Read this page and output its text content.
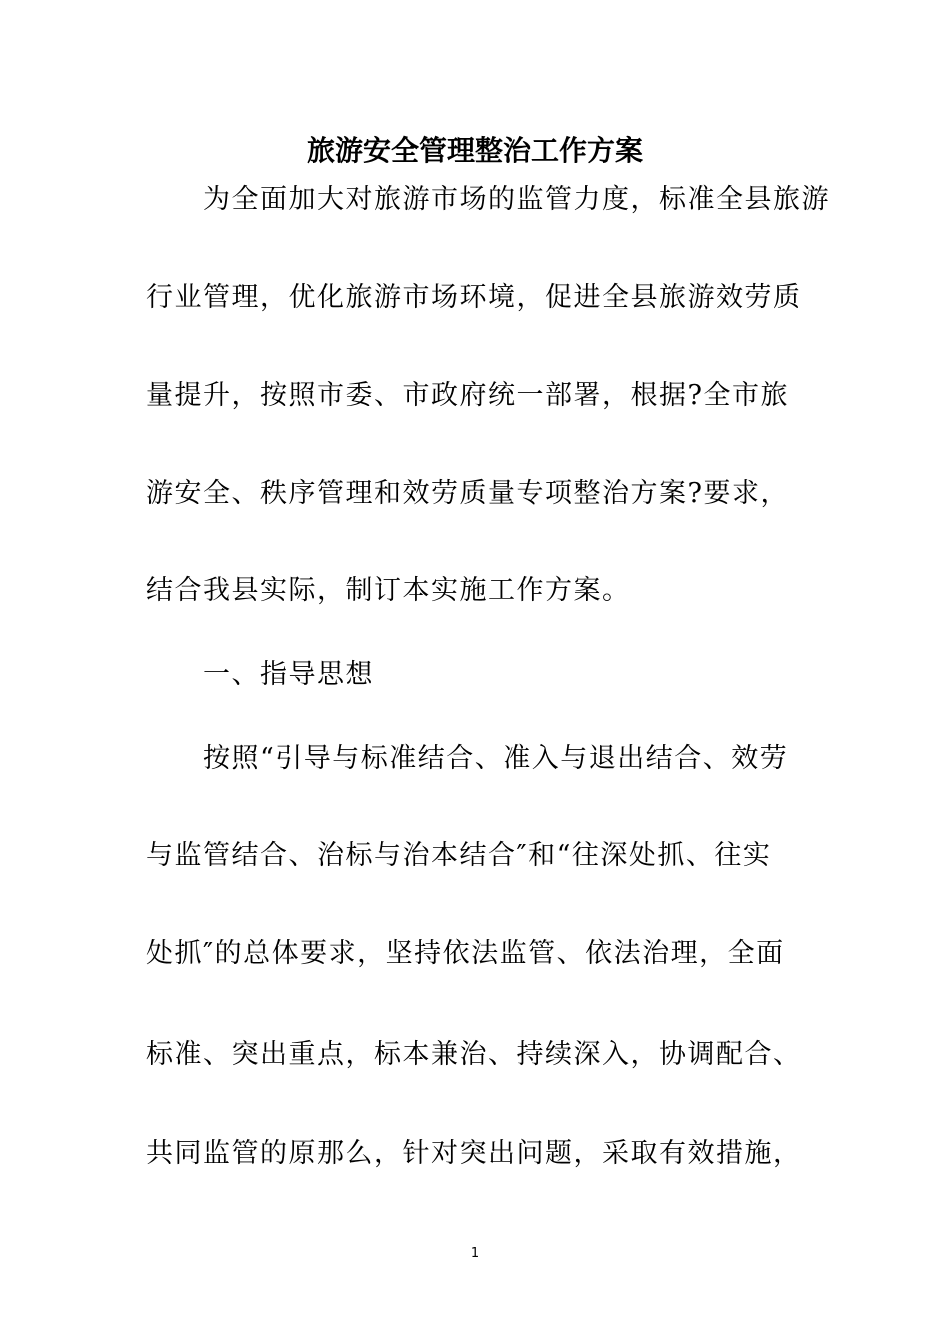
旅游安全管理整治工作方案
为全面加大对旅游市场的监管力度，标准全县旅游
行业管理，优化旅游市场环境，促进全县旅游效劳质
量提升，按照市委、市政府统一部署，根据?全市旅
游安全、秩序管理和效劳质量专项整治方案?要求，
结合我县实际，制订本实施工作方案。
一、指导思想
按照“引导与标准结合、准入与退出结合、效劳
与监管结合、治标与治本结合″和“往深处抓、往实
处抓″的总体要求，坚持依法监管、依法治理，全面
标准、突出重点，标本兼治、持续深入，协调配合、
共同监管的原那么，针对突出问题，采取有效措施，
1
